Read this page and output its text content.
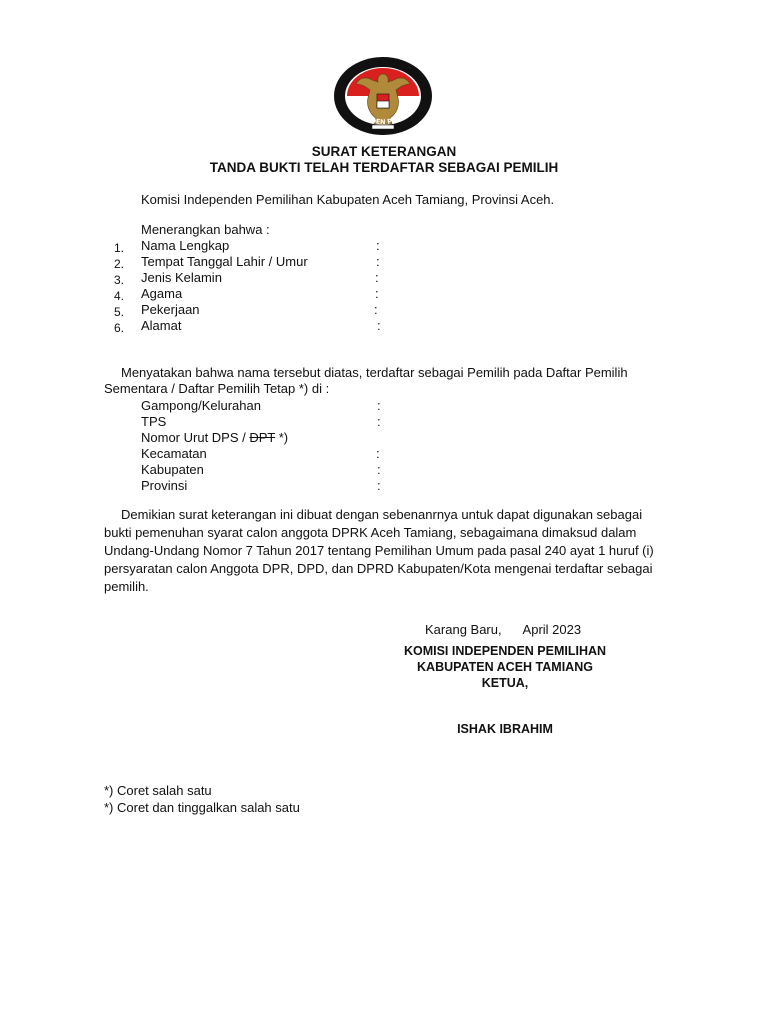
INDEPENDEN PEMILIHAN
SURAT KETERANGAN
TANDA BUKTI TELAH TERDAFTAR SEBAGAI PEMILIH
Komisi Independen Pemilihan Kabupaten Aceh Tamiang, Provinsi Aceh.
Menerangkan bahwa :
1.	Nama Lengkap	:
2.	Tempat Tanggal Lahir / Umur	:
3.	Jenis Kelamin	:
4.	Agama	:
5.	Pekerjaan	:
6.	Alamat	:
Menyatakan bahwa nama tersebut diatas, terdaftar sebagai Pemilih pada Daftar Pemilih
Sementara / Daftar Pemilih Tetap *) di :
Gampong/Kelurahan	:
TPS	:
Nomor Urut DPS / DPT *)
Kecamatan	:
Kabupaten	:
Provinsi	:
Demikian surat keterangan ini dibuat dengan sebenanrnya untuk dapat digunakan sebagai
bukti pemenuhan syarat calon anggota DPRK Aceh Tamiang, sebagaimana dimaksud dalam
Undang-Undang Nomor 7 Tahun 2017 tentang Pemilihan Umum pada pasal 240 ayat 1 huruf (i)
persyaratan calon Anggota DPR, DPD, dan DPRD Kabupaten/Kota mengenai terdaftar sebagai
pemilih.
Karang Baru,      April 2023
KOMISI INDEPENDEN PEMILIHAN
KABUPATEN ACEH TAMIANG
KETUA,
ISHAK IBRAHIM
*) Coret salah satu
*) Coret dan tinggalkan salah satu
